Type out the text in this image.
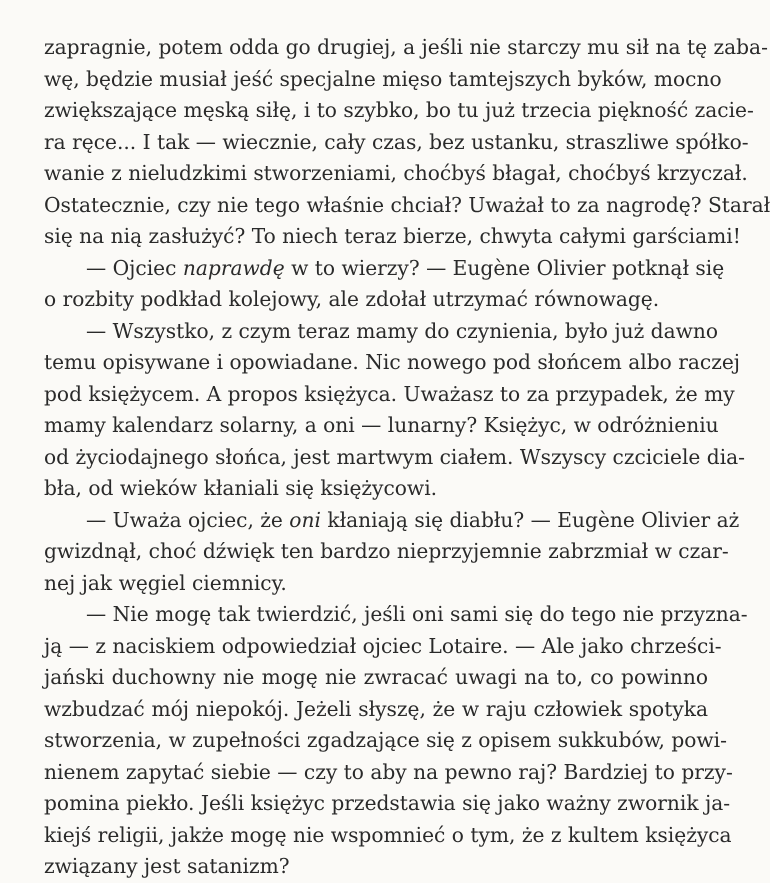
zapragnie, potem odda go drugiej, a jeśli nie starczy mu sił na tę zaba-
wę, będzie musiał jeść specjalne mięso tamtejszych byków, mocno
zwiększające męską siłę, i to szybko, bo tu już trzecia piękność zacie-
ra ręce... I tak — wiecznie, cały czas, bez ustanku, straszliwe spółko-
wanie z nieludzkimi stworzeniami, choćbyś błagał, choćbyś krzyczał.
Ostatecznie, czy nie tego właśnie chciał? Uważał to za nagrodę? Starał
się na nią zasłużyć? To niech teraz bierze, chwyta całymi garściami!
— Ojciec naprawdę w to wierzy? — Eugène Olivier potknął się
o rozbity podkład kolejowy, ale zdołał utrzymać równowagę.
— Wszystko, z czym teraz mamy do czynienia, było już dawno
temu opisywane i opowiadane. Nic nowego pod słońcem albo raczej
pod księżycem. A propos księżyca. Uważasz to za przypadek, że my
mamy kalendarz solarny, a oni — lunarny? Księżyc, w odróżnieniu
od życiodajnego słońca, jest martwym ciałem. Wszyscy czciciele dia-
bła, od wieków kłaniali się księżycowi.
— Uważa ojciec, że oni kłaniają się diabłu? — Eugène Olivier aż
gwizdnął, choć dźwięk ten bardzo nieprzyjemnie zabrzmiał w czar-
nej jak węgiel ciemnicy.
— Nie mogę tak twierdzić, jeśli oni sami się do tego nie przyzna-
ją — z naciskiem odpowiedział ojciec Lotaire. — Ale jako chrześci-
jański duchowny nie mogę nie zwracać uwagi na to, co powinno
wzbudzać mój niepokój. Jeżeli słyszę, że w raju człowiek spotyka
stworzenia, w zupełności zgadzające się z opisem sukkubów, powi-
nienem zapytać siebie — czy to aby na pewno raj? Bardziej to przy-
pomina piekło. Jeśli księżyc przedstawia się jako ważny zwornik ja-
kiejś religii, jakże mogę nie wspomnieć o tym, że z kultem księżyca
związany jest satanizm?
